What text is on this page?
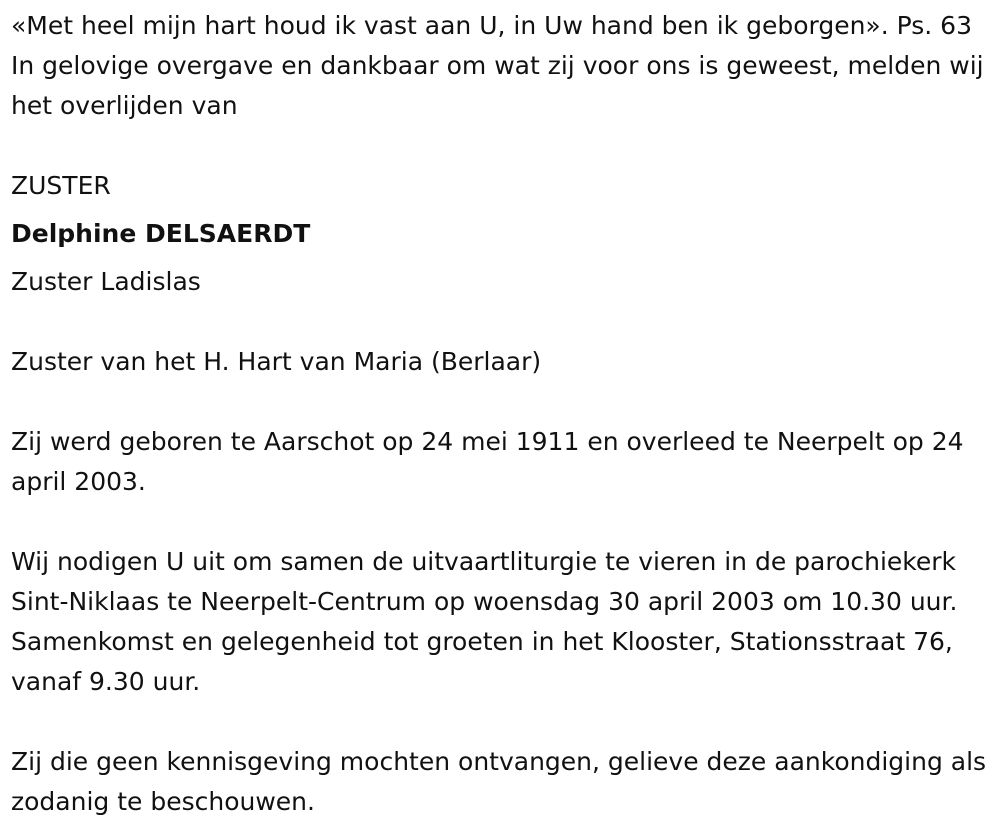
«Met heel mijn hart houd ik vast aan U, in Uw hand ben ik geborgen». Ps. 63 In gelovige overgave en dankbaar om wat zij voor ons is geweest, melden wij het overlijden van

ZUSTER

Delphine DELSAERDT

Zuster Ladislas

Zuster van het H. Hart van Maria (Berlaar)

Zij werd geboren te Aarschot op 24 mei 1911 en overleed te Neerpelt op 24 april 2003.

Wij nodigen U uit om samen de uitvaartliturgie te vieren in de parochiekerk Sint-Niklaas te Neerpelt-Centrum op woensdag 30 april 2003 om 10.30 uur. Samenkomst en gelegenheid tot groeten in het Klooster, Stationsstraat 76, vanaf 9.30 uur.

Zij die geen kennisgeving mochten ontvangen, gelieve deze aankondiging als zodanig te beschouwen.
